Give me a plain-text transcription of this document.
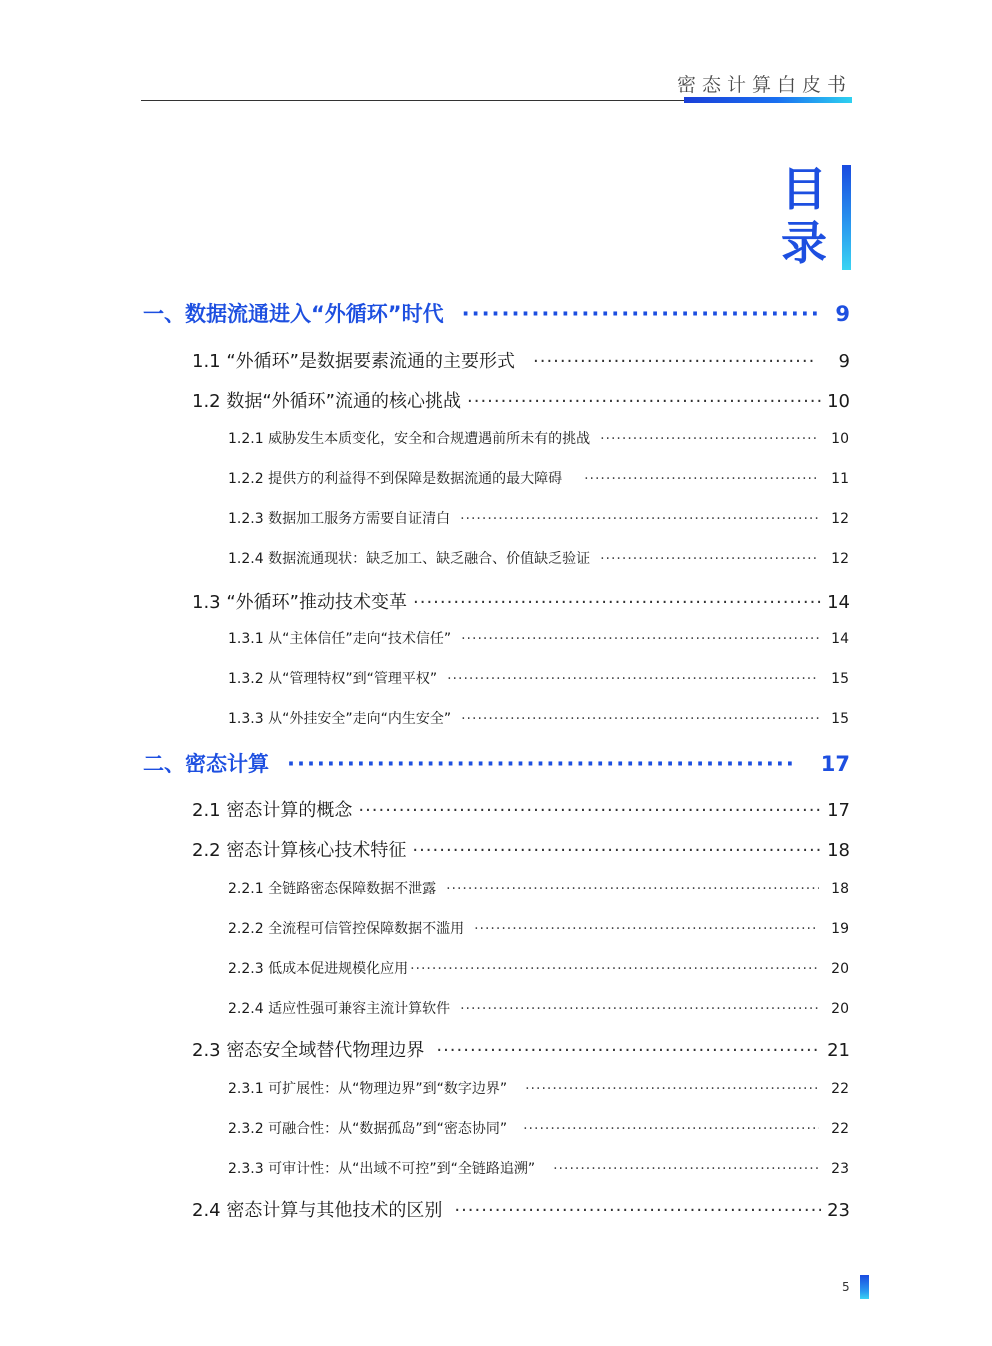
密态计算白皮书
目
录
一、数据流通进入“外循环”时代 ·····	9
1.1 “外循环”是数据要素流通的主要形式 ·····	9
1.2 数据“外循环”流通的核心挑战 ·····	10
1.2.1 威胁发生本质变化，安全和合规遭遇前所未有的挑战 ·····	10
1.2.2 提供方的利益得不到保障是数据流通的最大障碍 ·····	11
1.2.3 数据加工服务方需要自证清白 ·····	12
1.2.4 数据流通现状：缺乏加工、缺乏融合、价值缺乏验证 ·····	12
1.3 “外循环”推动技术变革 ·····	14
1.3.1 从“主体信任”走向“技术信任” ·····	14
1.3.2 从“管理特权”到“管理平权” ·····	15
1.3.3 从“外挂安全”走向“内生安全” ·····	15
二、密态计算 ·····	17
2.1 密态计算的概念 ·····	17
2.2 密态计算核心技术特征 ·····	18
2.2.1 全链路密态保障数据不泄露 ·····	18
2.2.2 全流程可信管控保障数据不滥用 ·····	19
2.2.3 低成本促进规模化应用 ·····	20
2.2.4 适应性强可兼容主流计算软件 ·····	20
2.3 密态安全域替代物理边界 ·····	21
2.3.1 可扩展性：从“物理边界”到“数字边界” ·····	22
2.3.2 可融合性：从“数据孤岛”到“密态协同” ·····	22
2.3.3 可审计性：从“出域不可控”到“全链路追溯” ·····	23
2.4 密态计算与其他技术的区别 ·····	23
5
